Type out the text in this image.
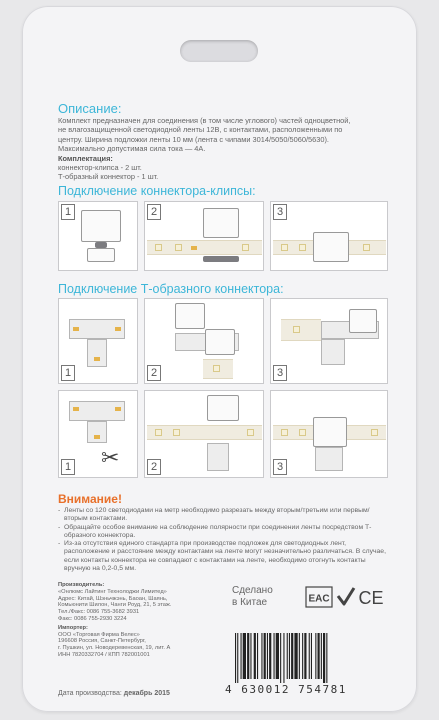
Описание:
Комплект предназначен для соединения (в том числе углового) частей одноцветной,
не влагозащищенной светодиодной ленты 12В, с контактами, расположенными по
центру. Ширина подложки ленты 10 мм (лента с чипами 3014/5050/5060/5630).
Максимально допустимая сила тока — 4А.
Комплектация:
коннектор-клипса - 2 шт.
Т-образный коннектор - 1 шт.
Подключение коннектора-клипсы:
1	2	3
Подключение Т-образного коннектора:
1	2	3
✂
1	2	3
Внимание!
- Ленты со 120 светодиодами на метр необходимо разрезать между вторым/третьим или первым/вторым контактами.
- Обращайте особое внимание на соблюдение полярности при соединении ленты посредством Т-образного коннектора.
- Из-за отсутствия единого стандарта при производстве подложек для светодиодных лент, расположение и расстояние между контактами на ленте могут незначительно различаться. В случае, если контакты коннектора не совпадают с контактами на ленте, необходимо отогнуть контакты вручную на 0,2-0,5 мм.
Производитель:
«Онлюмс Лайтинг Технолоджи Лимитед»
Адрес: Китай, Шэньчжэнь, Баоан, Шаянь,
Комьюнити Шилон, Чанги Роуд, 21, 5 этаж.
Тел./Факс: 0086 755-3682 3931
Факс: 0086 755-2930 3224
Импортер:
ООО «Торговая Фирма Велес»
196608 Россия, Санкт-Петербург,
г. Пушкин, ул. Новодеревенская, 19, лит. А
ИНН 7820332704 / КПП 782001001
Сделано
в Китае	EAC CE
4 630012 754781
Дата производства: декабрь 2015
